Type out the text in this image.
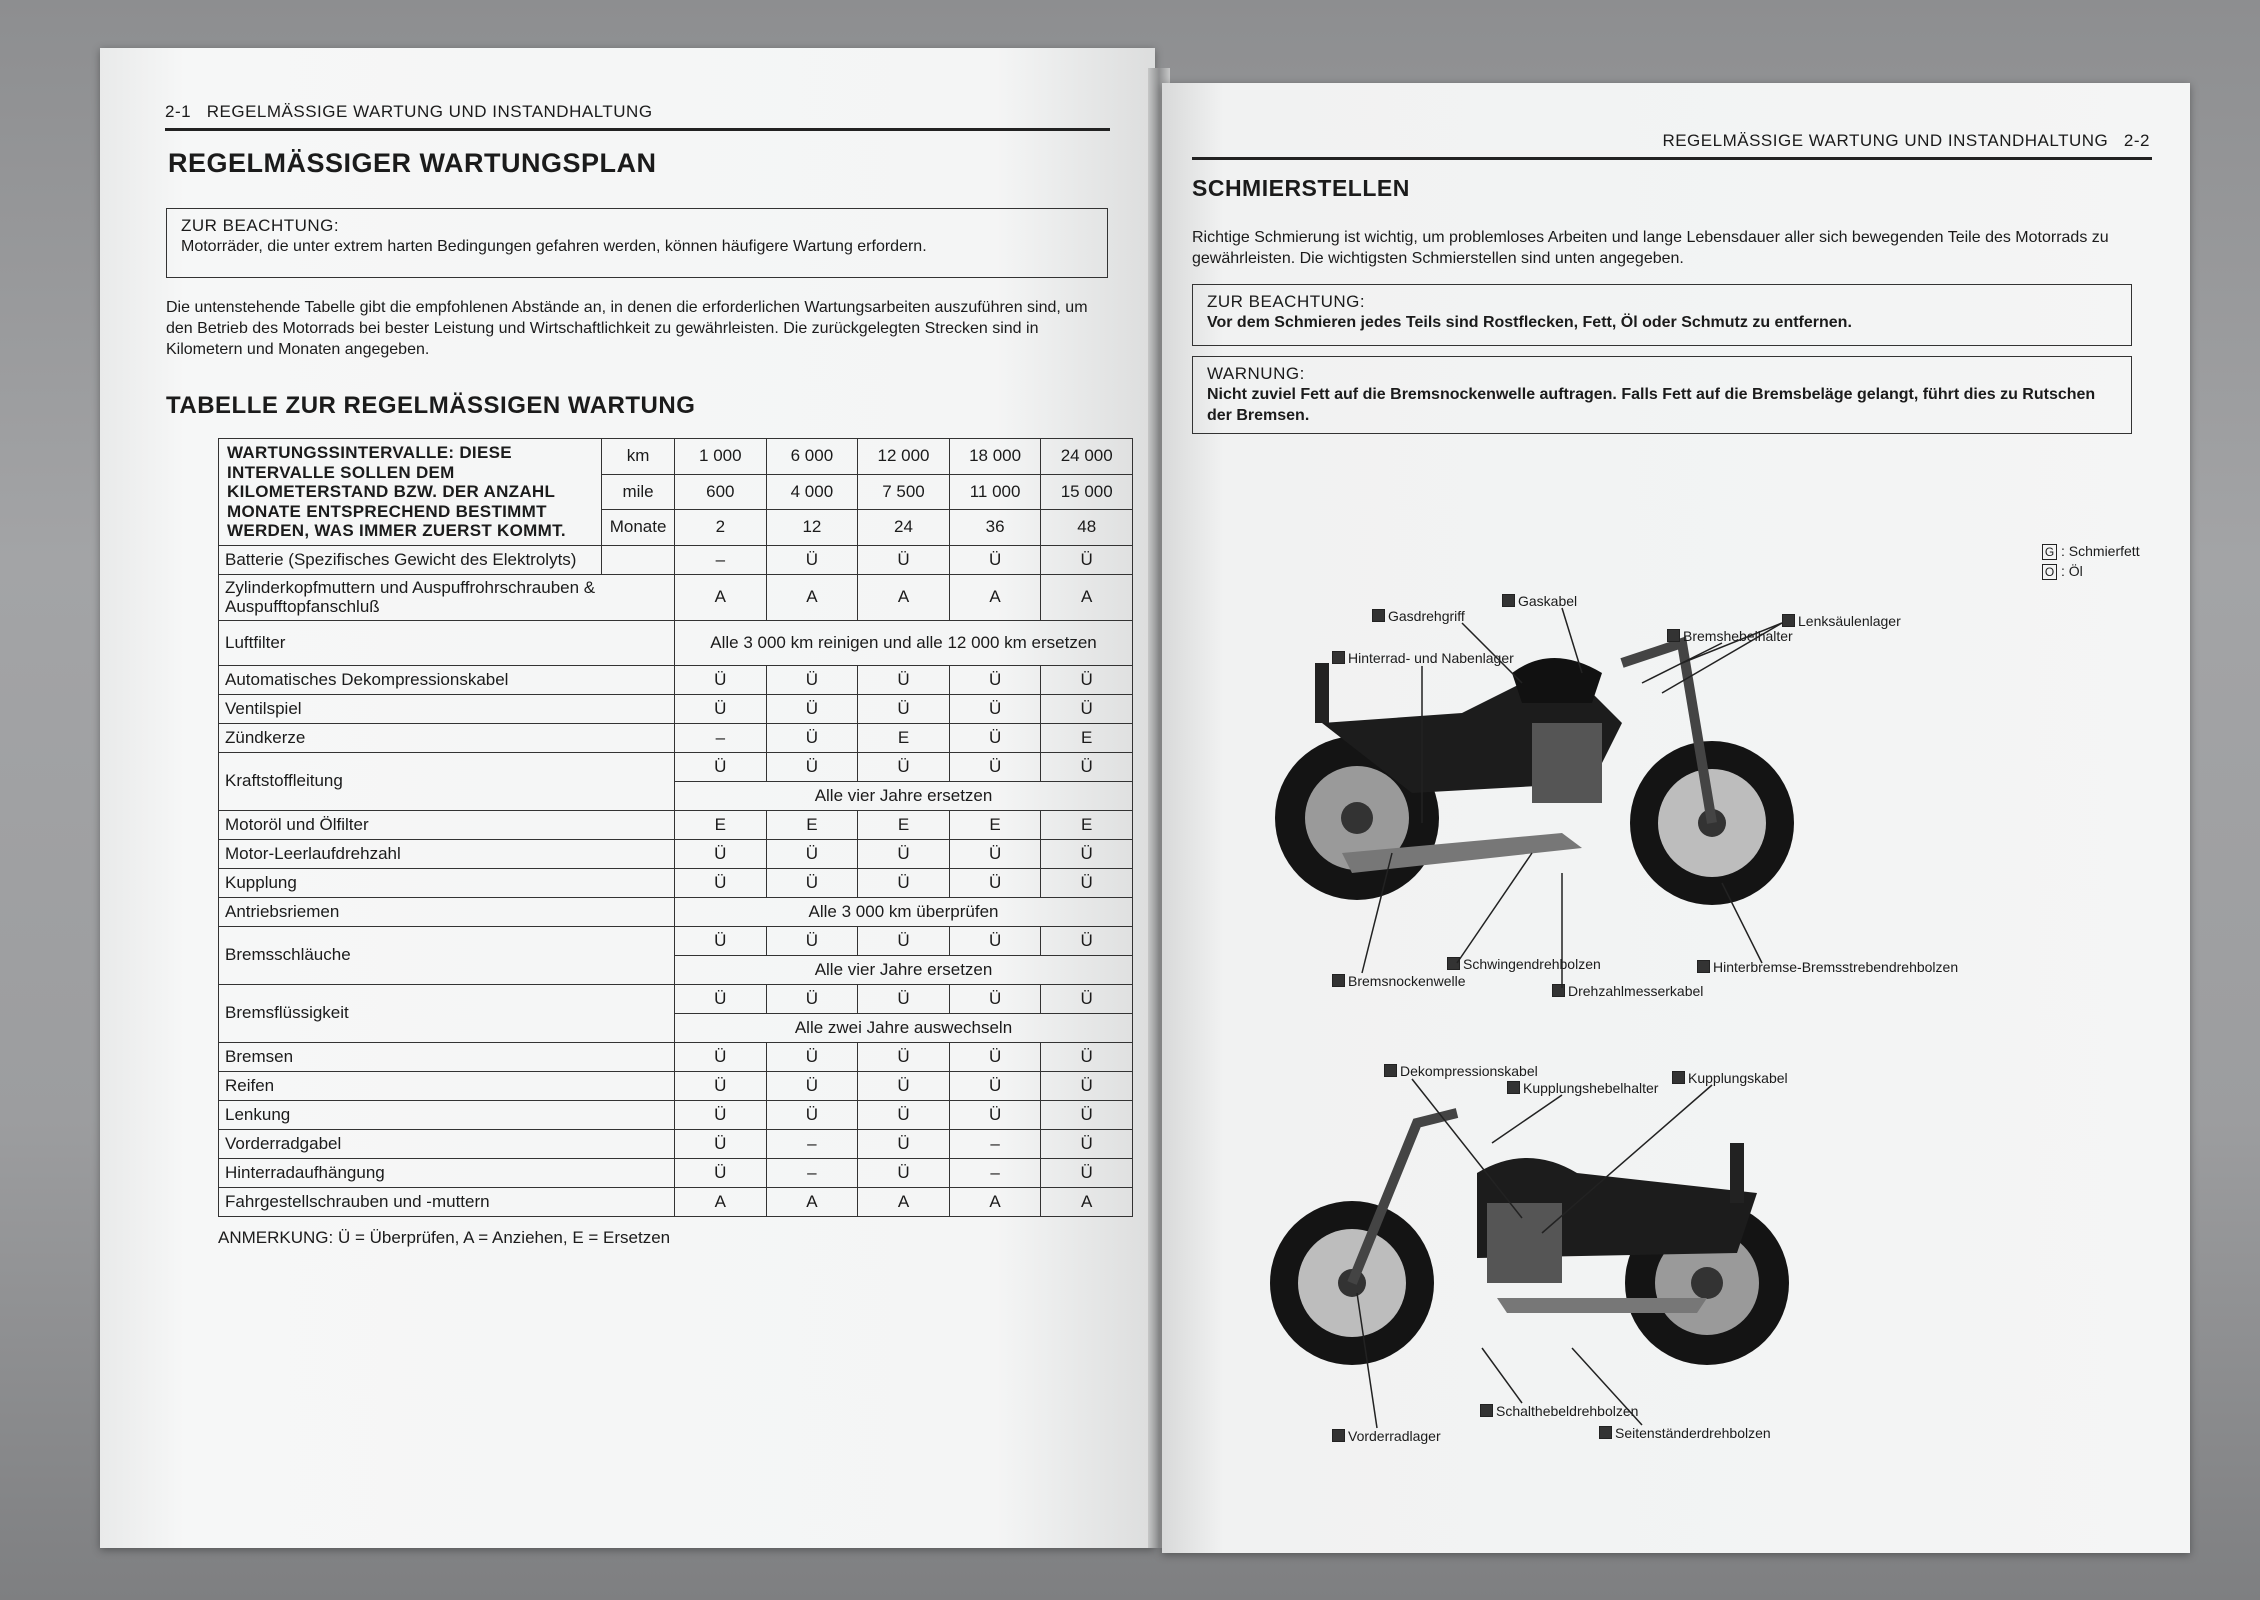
2-1 REGELMÄSSIGE WARTUNG UND INSTANDHALTUNG
REGELMÄSSIGER WARTUNGSPLAN
ZUR BEACHTUNG:
Motorräder, die unter extrem harten Bedingungen gefahren werden, können häufigere Wartung erfordern.
Die untenstehende Tabelle gibt die empfohlenen Abstände an, in denen die erforderlichen Wartungsarbeiten auszuführen sind, um den Betrieb des Motorrads bei bester Leistung und Wirtschaftlichkeit zu gewährleisten. Die zurückgelegten Strecken sind in Kilometern und Monaten angegeben.
TABELLE ZUR REGELMÄSSIGEN WARTUNG
WARTUNGSSINTERVALLE: DIESE INTERVALLE SOLLEN DEM KILOMETERSTAND BZW. DER ANZAHL MONATE ENTSPRECHEND BESTIMMT WERDEN, WAS IMMER ZUERST KOMMT.	km	1 000	6 000	12 000	18 000	24 000
	mile	600	4 000	7 500	11 000	15 000
	Monate	2	12	24	36	48
Batterie (Spezifisches Gewicht des Elektrolyts)		–	Ü	Ü	Ü	Ü
Zylinderkopfmuttern und Auspuffrohrschrauben & Auspufftopfanschluß		A	A	A	A	A
Luftfilter		Alle 3 000 km reinigen und alle 12 000 km ersetzen				
Automatisches Dekompressionskabel		Ü	Ü	Ü	Ü	Ü
Ventilspiel		Ü	Ü	Ü	Ü	Ü
Zündkerze		–	Ü	E	Ü	E
Kraftstoffleitung		Ü	Ü	Ü	Ü	Ü
		Alle vier Jahre ersetzen				
Motoröl und Ölfilter		E	E	E	E	E
Motor-Leerlaufdrehzahl		Ü	Ü	Ü	Ü	Ü
Kupplung		Ü	Ü	Ü	Ü	Ü
Antriebsriemen		Alle 3 000 km überprüfen				
Bremsschläuche		Ü	Ü	Ü	Ü	Ü
		Alle vier Jahre ersetzen				
Bremsflüssigkeit		Ü	Ü	Ü	Ü	Ü
		Alle zwei Jahre auswechseln				
Bremsen		Ü	Ü	Ü	Ü	Ü
Reifen		Ü	Ü	Ü	Ü	Ü
Lenkung		Ü	Ü	Ü	Ü	Ü
Vorderradgabel		Ü	–	Ü	–	Ü
Hinterradaufhängung		Ü	–	Ü	–	Ü
Fahrgestellschrauben und -muttern		A	A	A	A	A
ANMERKUNG: Ü = Überprüfen, A = Anziehen, E = Ersetzen
REGELMÄSSIGE WARTUNG UND INSTANDHALTUNG 2-2
SCHMIERSTELLEN
Richtige Schmierung ist wichtig, um problemloses Arbeiten und lange Lebensdauer aller sich bewegenden Teile des Motorrads zu gewährleisten. Die wichtigsten Schmierstellen sind unten angegeben.
ZUR BEACHTUNG:
Vor dem Schmieren jedes Teils sind Rostflecken, Fett, Öl oder Schmutz zu entfernen.
WARNUNG:
Nicht zuviel Fett auf die Bremsnockenwelle auftragen. Falls Fett auf die Bremsbeläge gelangt, führt dies zu Rutschen der Bremsen.
G : Schmierfett
O : Öl
Gasdrehgriff
Gaskabel
Lenksäulenlager
Bremshebelhalter
Hinterrad- und Nabenlager
Schwingendrehbolzen	Hinterbremse-Bremsstrebendrehbolzen
Bremsnockenwelle
Drehzahlmesserkabel
Dekompressionskabel
Kupplungshebelhalter
Kupplungskabel
Schalthebeldrehbolzen
Vorderradlager	Seitenständerdrehbolzen
